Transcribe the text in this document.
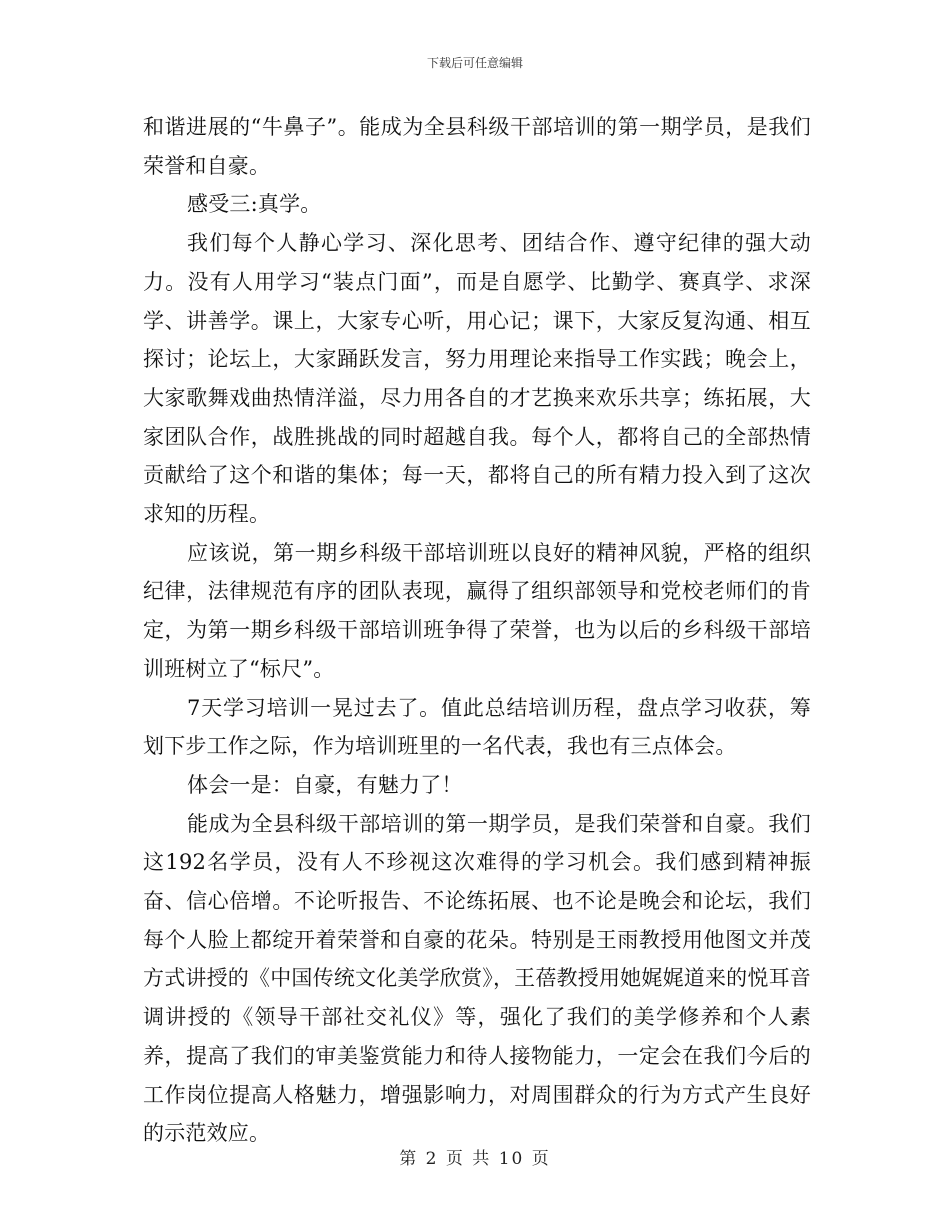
下载后可任意编辑

和谐进展的“牛鼻子”。能成为全县科级干部培训的第一期学员，是我们荣誉和自豪。

感受三:真学。

我们每个人静心学习、深化思考、团结合作、遵守纪律的强大动力。没有人用学习“装点门面”，而是自愿学、比勤学、赛真学、求深学、讲善学。课上，大家专心听，用心记；课下，大家反复沟通、相互探讨；论坛上，大家踊跃发言，努力用理论来指导工作实践；晚会上，大家歌舞戏曲热情洋溢，尽力用各自的才艺换来欢乐共享；练拓展，大家团队合作，战胜挑战的同时超越自我。每个人，都将自己的全部热情贡献给了这个和谐的集体；每一天，都将自己的所有精力投入到了这次求知的历程。

应该说，第一期乡科级干部培训班以良好的精神风貌，严格的组织纪律，法律规范有序的团队表现，赢得了组织部领导和党校老师们的肯定，为第一期乡科级干部培训班争得了荣誉，也为以后的乡科级干部培训班树立了“标尺”。

7天学习培训一晃过去了。值此总结培训历程，盘点学习收获，筹划下步工作之际，作为培训班里的一名代表，我也有三点体会。

体会一是：自豪，有魅力了！

能成为全县科级干部培训的第一期学员，是我们荣誉和自豪。我们这192名学员，没有人不珍视这次难得的学习机会。我们感到精神振奋、信心倍增。不论听报告、不论练拓展、也不论是晚会和论坛，我们每个人脸上都绽开着荣誉和自豪的花朵。特别是王雨教授用他图文并茂方式讲授的《中国传统文化美学欣赏》，王蓓教授用她娓娓道来的悦耳音调讲授的《领导干部社交礼仪》等，强化了我们的美学修养和个人素养，提高了我们的审美鉴赏能力和待人接物能力，一定会在我们今后的工作岗位提高人格魅力，增强影响力，对周围群众的行为方式产生良好的示范效应。

第 2 页 共 10 页
